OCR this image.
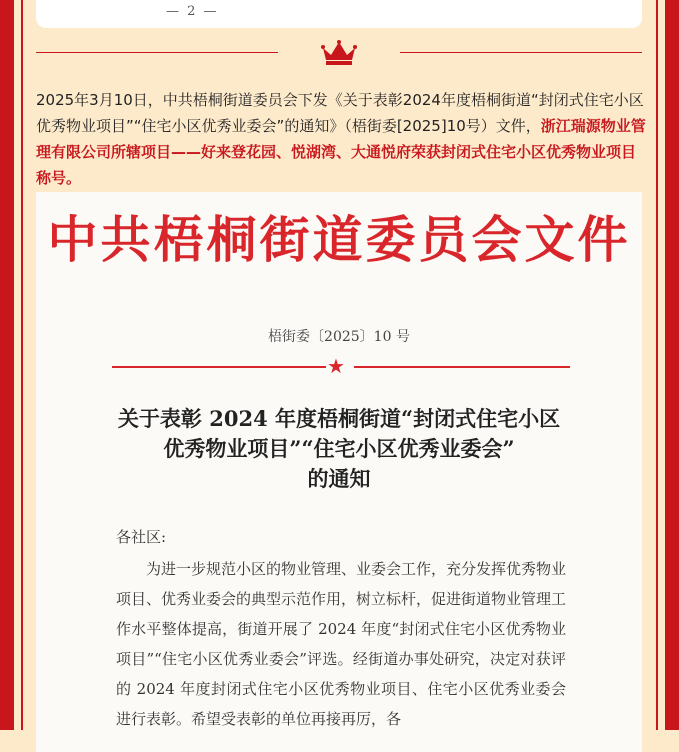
— 2 —
2025年3月10日，中共梧桐街道委员会下发《关于表彰2024年度梧桐街道“封闭式住宅小区优秀物业项目”“住宅小区优秀业委会”的通知》（梧街委[2025]10号）文件，浙江瑞源物业管理有限公司所辖项目——好来登花园、悦湖湾、大通悦府荣获封闭式住宅小区优秀物业项目称号。
中共梧桐街道委员会文件
梧街委〔2025〕10 号
★
关于表彰 2024 年度梧桐街道“封闭式住宅小区
优秀物业项目”“住宅小区优秀业委会”
的通知
各社区:
为进一步规范小区的物业管理、业委会工作，充分发挥优秀物业项目、优秀业委会的典型示范作用，树立标杆，促进街道物业管理工作水平整体提高，街道开展了 2024 年度“封闭式住宅小区优秀物业项目”“住宅小区优秀业委会”评选。经街道办事处研究，决定对获评的 2024 年度封闭式住宅小区优秀物业项目、住宅小区优秀业委会进行表彰。希望受表彰的单位再接再厉，各
